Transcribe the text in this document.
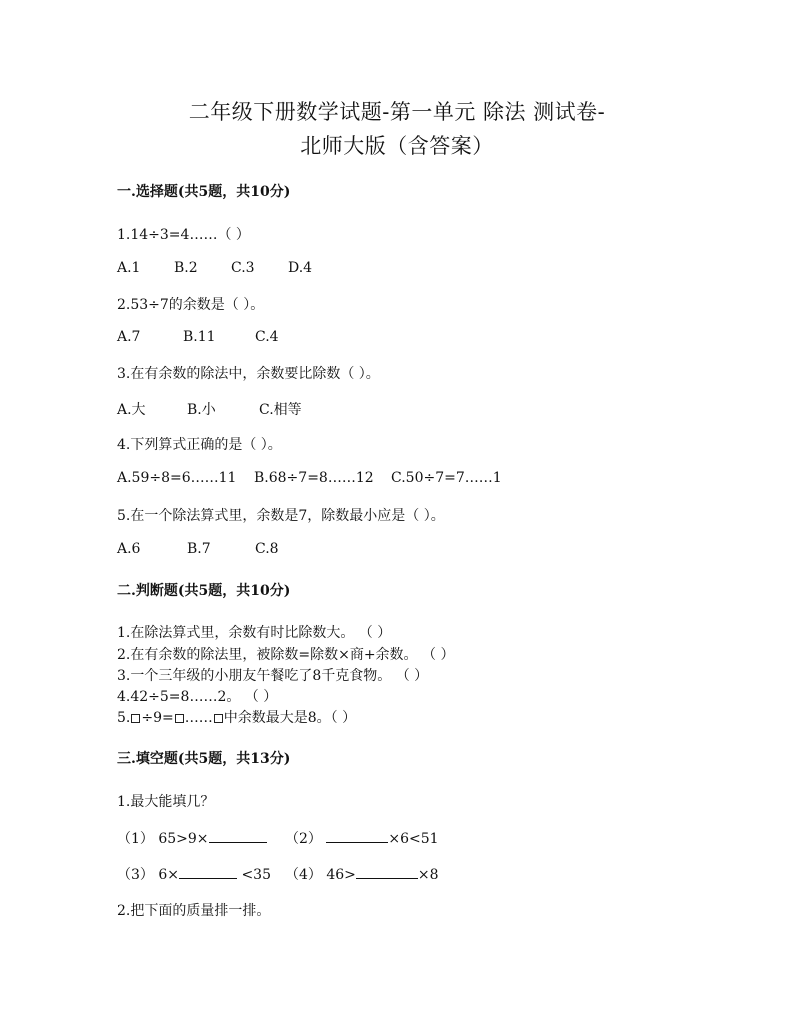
二年级下册数学试题-第一单元 除法 测试卷-
北师大版（含答案）
一.选择题(共5题，共10分)
1.14÷3=4……（ ）
A.1 B.2 C.3 D.4
2.53÷7的余数是（ ）。
A.7	B.11	C.4
3.在有余数的除法中，余数要比除数（ ）。
A.大	B.小	C.相等
4.下列算式正确的是（ ）。
A.59÷8=6……11 B.68÷7=8……12 C.50÷7=7……1
5.在一个除法算式里，余数是7，除数最小应是（ ）。
A.6	B.7	C.8
二.判断题(共5题，共10分)
1.在除法算式里，余数有时比除数大。 （ ）
2.在有余数的除法里，被除数=除数×商+余数。 （ ）
3.一个三年级的小朋友午餐吃了8千克食物。 （ ）
4.42÷5=8……2。 （ ）
5. ÷9= …… 中余数最大是8。（ ）
三.填空题(共5题，共13分)
1.最大能填几？
（1） 65>9×	（2）	×6<51
（3） 6×	<35 （4） 46>	×8
2.把下面的质量排一排。
